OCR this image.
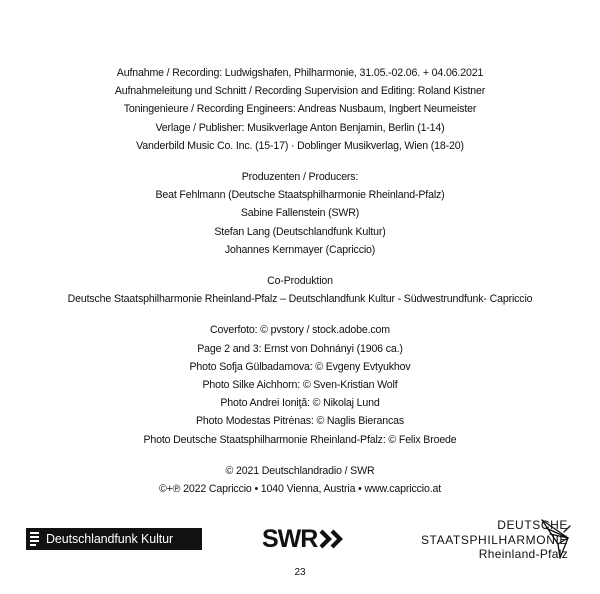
Aufnahme / Recording: Ludwigshafen, Philharmonie, 31.05.-02.06. + 04.06.2021
Aufnahmeleitung und Schnitt / Recording Supervision and Editing: Roland Kistner
Toningenieure / Recording Engineers: Andreas Nusbaum, Ingbert Neumeister
Verlage / Publisher: Musikverlage Anton Benjamin, Berlin (1-14)
Vanderbild Music Co. Inc. (15-17) · Doblinger Musikverlag, Wien (18-20)
Produzenten / Producers:
Beat Fehlmann (Deutsche Staatsphilharmonie Rheinland-Pfalz)
Sabine Fallenstein (SWR)
Stefan Lang (Deutschlandfunk Kultur)
Johannes Kernmayer (Capriccio)
Co-Produktion
Deutsche Staatsphilharmonie Rheinland-Pfalz – Deutschlandfunk Kultur - Südwestrundfunk- Capriccio
Coverfoto: © pvstory / stock.adobe.com
Page 2 and 3: Ernst von Dohnányi (1906 ca.)
Photo Sofja Gülbadamova: © Evgeny Evtyukhov
Photo Silke Aichhorn: © Sven-Kristian Wolf
Photo Andrei Ioniţă: © Nikolaj Lund
Photo Modestas Pitrėnas: © Naglis Bierancas
Photo Deutsche Staatsphilharmonie Rheinland-Pfalz: © Felix Broede
© 2021 Deutschlandradio / SWR
©+℗ 2022 Capriccio • 1040 Vienna, Austria • www.capriccio.at
Deutschlandfunk Kultur	SWR	DEUTSCHE
STAATSPHILHARMONIE
Rheinland-Pfalz
23
